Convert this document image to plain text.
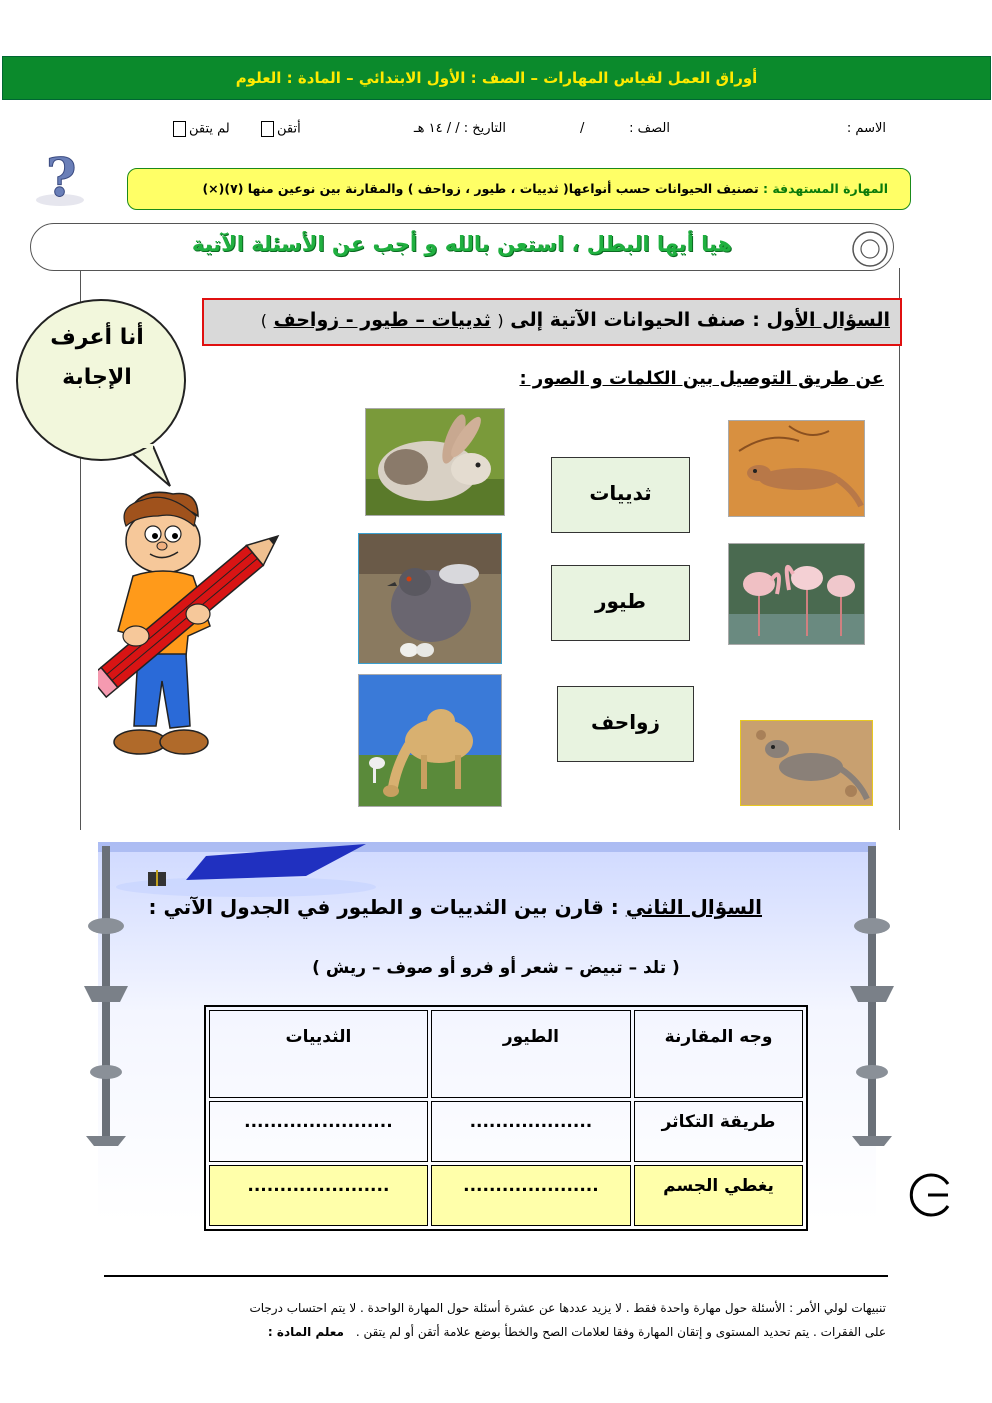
أوراق العمل لقياس المهارات – الصف : الأول الابتدائي – المادة : العلوم
الاسم :
الصف :
/
التاريخ : / / ١٤ هـ
أتقن
لم يتقن
?	المهارة المستهدفة : تصنيف الحيوانات حسب أنواعها( ثدييات ، طيور ، زواحف ) والمقارنة بين نوعين منها (٧)(×)
هيا أيها البطل ، استعن بالله و أجب عن الأسئلة الآتية
السؤال الأول : صنف الحيوانات الآتية إلى ( ثدييات – طيور - زواحف )
عن طريق التوصيل بين الكلمات و الصور :
أنا أعرف
الإجابة
ثدييات
طيور
زواحف
السؤال الثاني : قارن بين الثدييات و الطيور في الجدول الآتي :
( تلد – تبيض – شعر أو فرو أو صوف – ريش )
وجه المقارنة	الطيور	الثدييات
طريقة التكاثر	...................	.......................
يغطي الجسم	.....................	......................
تنبيهات لولي الأمر : الأسئلة حول مهارة واحدة فقط . لا يزيد عددها عن عشرة أسئلة حول المهارة الواحدة . لا يتم احتساب درجات
على الفقرات . يتم تحديد المستوى و إتقان المهارة وفقا لعلامات الصح والخطأ بوضع علامة أتقن أو لم يتقن . معلم المادة :
